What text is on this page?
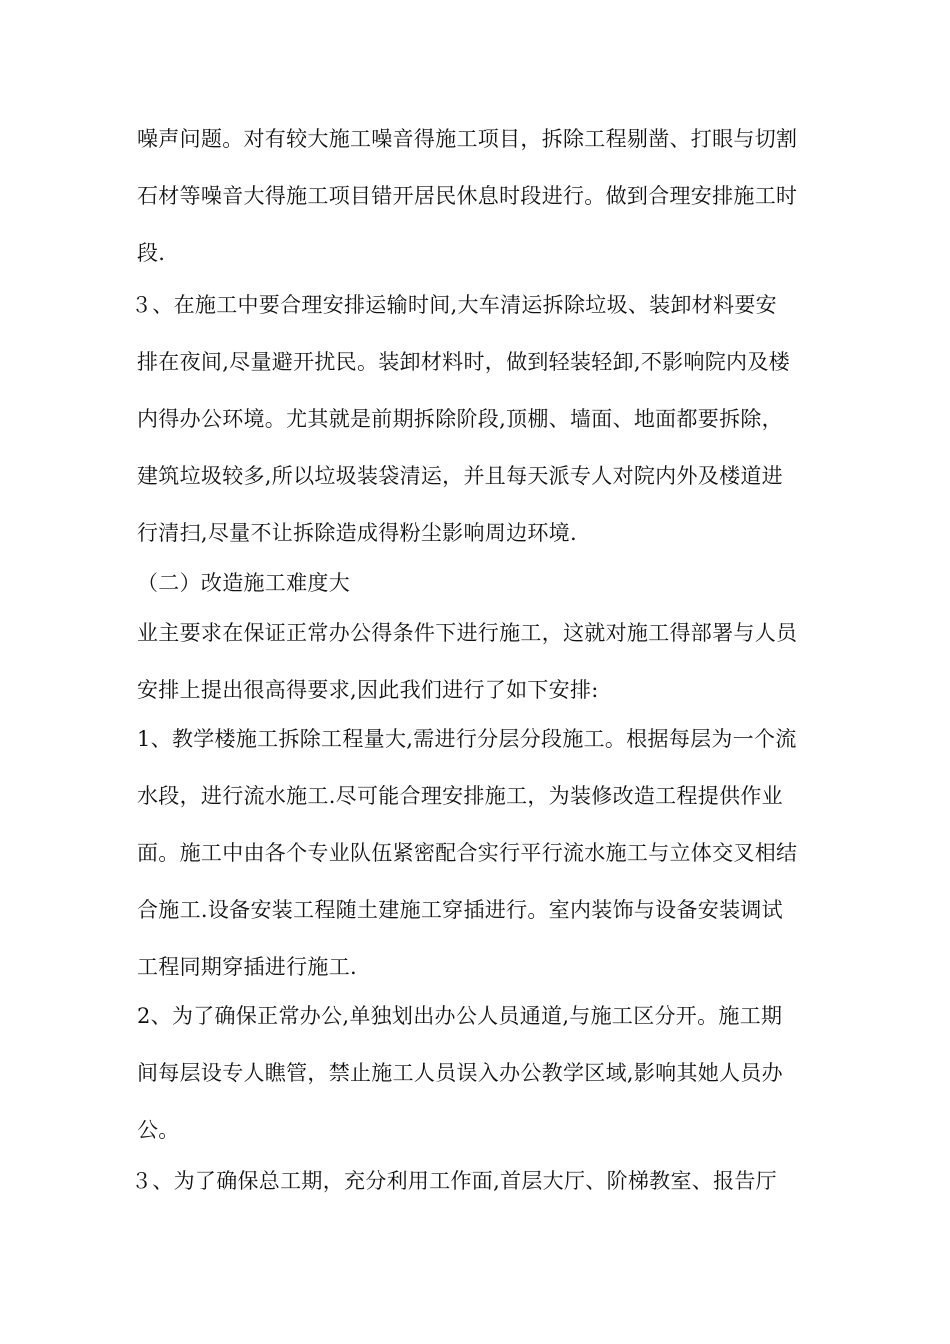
噪声问题。对有较大施工噪音得施工项目，拆除工程剔凿、打眼与切割
石材等噪音大得施工项目错开居民休息时段进行。做到合理安排施工时
段.
３、在施工中要合理安排运输时间,大车清运拆除垃圾、装卸材料要安
排在夜间,尽量避开扰民。装卸材料时，做到轻装轻卸,不影响院内及楼
内得办公环境。尤其就是前期拆除阶段,顶棚、墙面、地面都要拆除，
建筑垃圾较多,所以垃圾装袋清运，并且每天派专人对院内外及楼道进
行清扫,尽量不让拆除造成得粉尘影响周边环境.
（二）改造施工难度大
业主要求在保证正常办公得条件下进行施工，这就对施工得部署与人员
安排上提出很高得要求,因此我们进行了如下安排:
1、教学楼施工拆除工程量大,需进行分层分段施工。根据每层为一个流
水段，进行流水施工.尽可能合理安排施工，为装修改造工程提供作业
面。施工中由各个专业队伍紧密配合实行平行流水施工与立体交叉相结
合施工.设备安装工程随土建施工穿插进行。室内装饰与设备安装调试
工程同期穿插进行施工.
2、为了确保正常办公,单独划出办公人员通道,与施工区分开。施工期
间每层设专人瞧管，禁止施工人员误入办公教学区域,影响其她人员办
公。
３、为了确保总工期，充分利用工作面,首层大厅、阶梯教室、报告厅
